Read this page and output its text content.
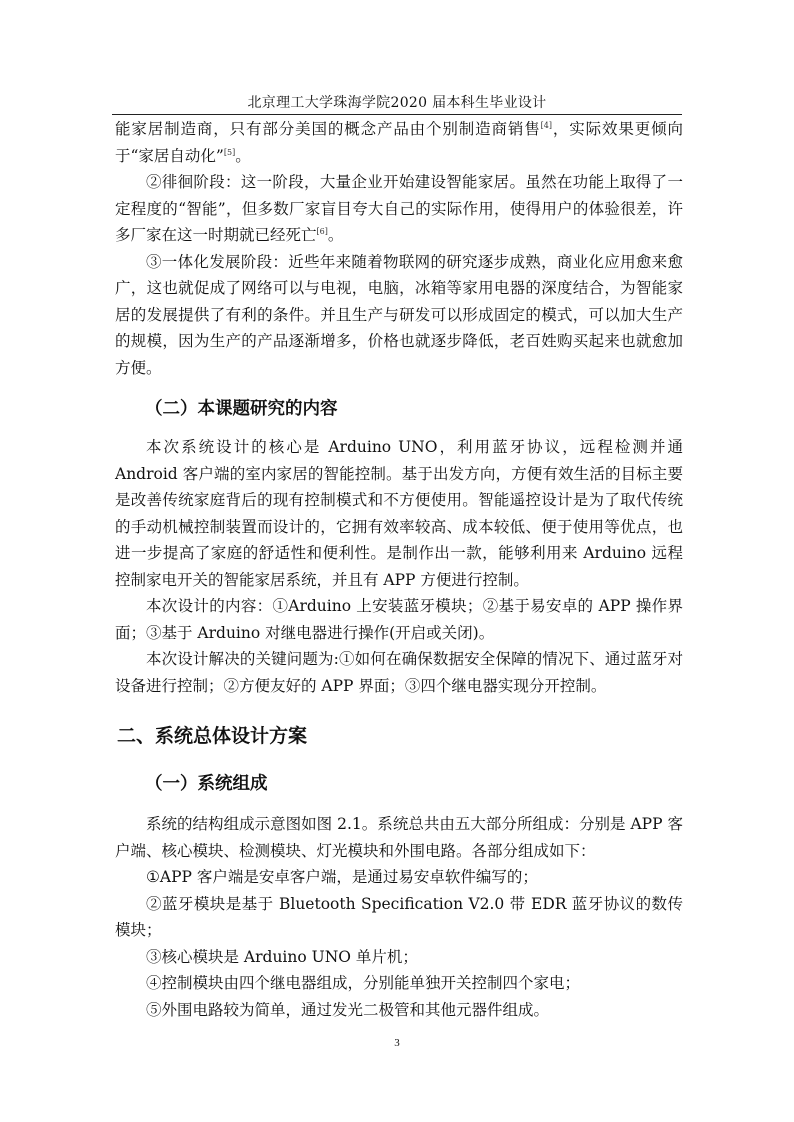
北京理工大学珠海学院2020 届本科生毕业设计

能家居制造商，只有部分美国的概念产品由个别制造商销售[4]，实际效果更倾向于“家居自动化”[5]。

②徘徊阶段：这一阶段，大量企业开始建设智能家居。虽然在功能上取得了一定程度的“智能”，但多数厂家盲目夸大自己的实际作用，使得用户的体验很差，许多厂家在这一时期就已经死亡[6]。

③一体化发展阶段：近些年来随着物联网的研究逐步成熟，商业化应用愈来愈广，这也就促成了网络可以与电视，电脑，冰箱等家用电器的深度结合，为智能家居的发展提供了有利的条件。并且生产与研发可以形成固定的模式，可以加大生产的规模，因为生产的产品逐渐增多，价格也就逐步降低，老百姓购买起来也就愈加方便。

（二）本课题研究的内容

本次系统设计的核心是 Arduino UNO，利用蓝牙协议，远程检测并通 Android 客户端的室内家居的智能控制。基于出发方向，方便有效生活的目标主要是改善传统家庭背后的现有控制模式和不方便使用。智能遥控设计是为了取代传统的手动机械控制装置而设计的，它拥有效率较高、成本较低、便于使用等优点，也进一步提高了家庭的舒适性和便利性。是制作出一款，能够利用来 Arduino 远程控制家电开关的智能家居系统，并且有 APP 方便进行控制。

本次设计的内容：①Arduino 上安装蓝牙模块；②基于易安卓的 APP 操作界面；③基于 Arduino 对继电器进行操作(开启或关闭)。

本次设计解决的关键问题为:①如何在确保数据安全保障的情况下、通过蓝牙对设备进行控制；②方便友好的 APP 界面；③四个继电器实现分开控制。

二、系统总体设计方案
（一）系统组成

系统的结构组成示意图如图 2.1。系统总共由五大部分所组成：分别是 APP 客户端、核心模块、检测模块、灯光模块和外围电路。各部分组成如下：

①APP 客户端是安卓客户端，是通过易安卓软件编写的；

②蓝牙模块是基于 Bluetooth Specification V2.0 带 EDR 蓝牙协议的数传模块；

③核心模块是 Arduino UNO 单片机；

④控制模块由四个继电器组成，分别能单独开关控制四个家电；

⑤外围电路较为简单，通过发光二极管和其他元器件组成。

3
